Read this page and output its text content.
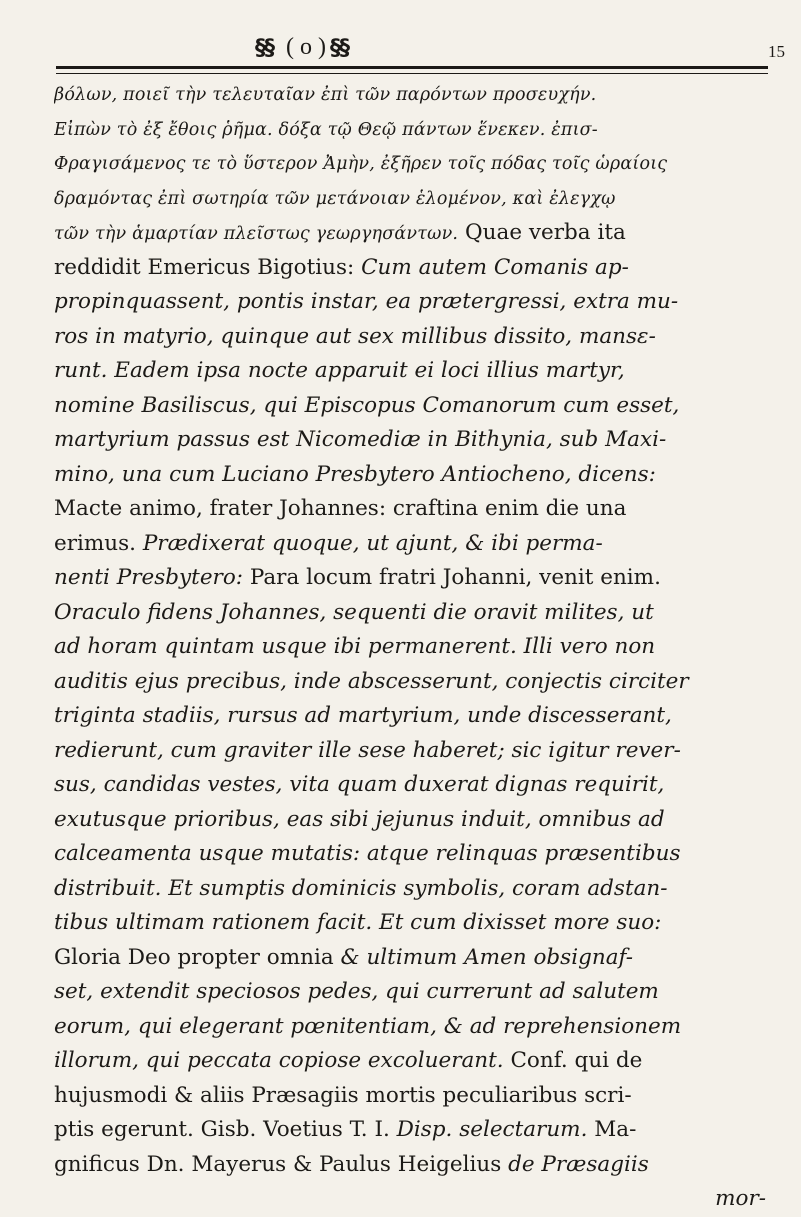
§§ ( o ) §§	15
βόλων, ποιεῖ τὴν τελευταῖαν ἐπὶ τῶν παρόντων προσευχήν.
Εἰπὼν τὸ ἐξ ἔθοις ῥῆμα. δόξα τῷ Θεῷ πάντων ἕνεκεν. ἐπισ-
Φραγισάμενος τε τὸ ὕστερον Ἀμὴν, ἐξῆρεν τοῖς πόδας τοῖς ὡραίοις
δραμόντας ἐπὶ σωτηρία τῶν μετάνοιαν ἑλομένον, καὶ ἐλεγχῳ
τῶν τὴν ἁμαρτίαν πλεῖστως γεωργησάντων. Quae verba ita
reddidit Emericus Bigotius: Cum autem Comanis ap-
propinquassent, pontis instar, ea prætergressi, extra mu-
ros in matyrio, quinque aut sex millibus dissito, mansε-
runt. Eadem ipsa nocte apparuit ei loci illius martyr,
nomine Basiliscus, qui Episcopus Comanorum cum esset,
martyrium passus est Nicomediæ in Bithynia, sub Maxi-
mino, una cum Luciano Presbytero Antiocheno, dicens:
Macte animo, frater Johannes: craftina enim die una
erimus. Prædixerat quoque, ut ajunt, & ibi perma-
nenti Presbytero: Para locum fratri Johanni, venit enim.
Oraculo fidens Johannes, sequenti die oravit milites, ut
ad horam quintam usque ibi permanerent. Illi vero non
auditis ejus precibus, inde abscesserunt, conjectis circiter
triginta stadiis, rursus ad martyrium, unde discesserant,
redierunt, cum graviter ille sese haberet; sic igitur rever-
sus, candidas vestes, vita quam duxerat dignas requirit,
exutusque prioribus, eas sibi jejunus induit, omnibus ad
calceamenta usque mutatis: atque relinquas præsentibus
distribuit. Et sumptis dominicis symbolis, coram adstan-
tibus ultimam rationem facit. Et cum dixisset more suo:
Gloria Deo propter omnia & ultimum Amen obsignaf-
set, extendit speciosos pedes, qui currerunt ad salutem
eorum, qui elegerant pœnitentiam, & ad reprehensionem
illorum, qui peccata copiose excoluerant. Conf. qui de
hujusmodi & aliis Præsagiis mortis peculiaribus scri-
ptis egerunt. Gisb. Voetius T. I. Disp. selectarum. Ma-
gnificus Dn. Mayerus & Paulus Heigelius de Præsagiis
mor-
